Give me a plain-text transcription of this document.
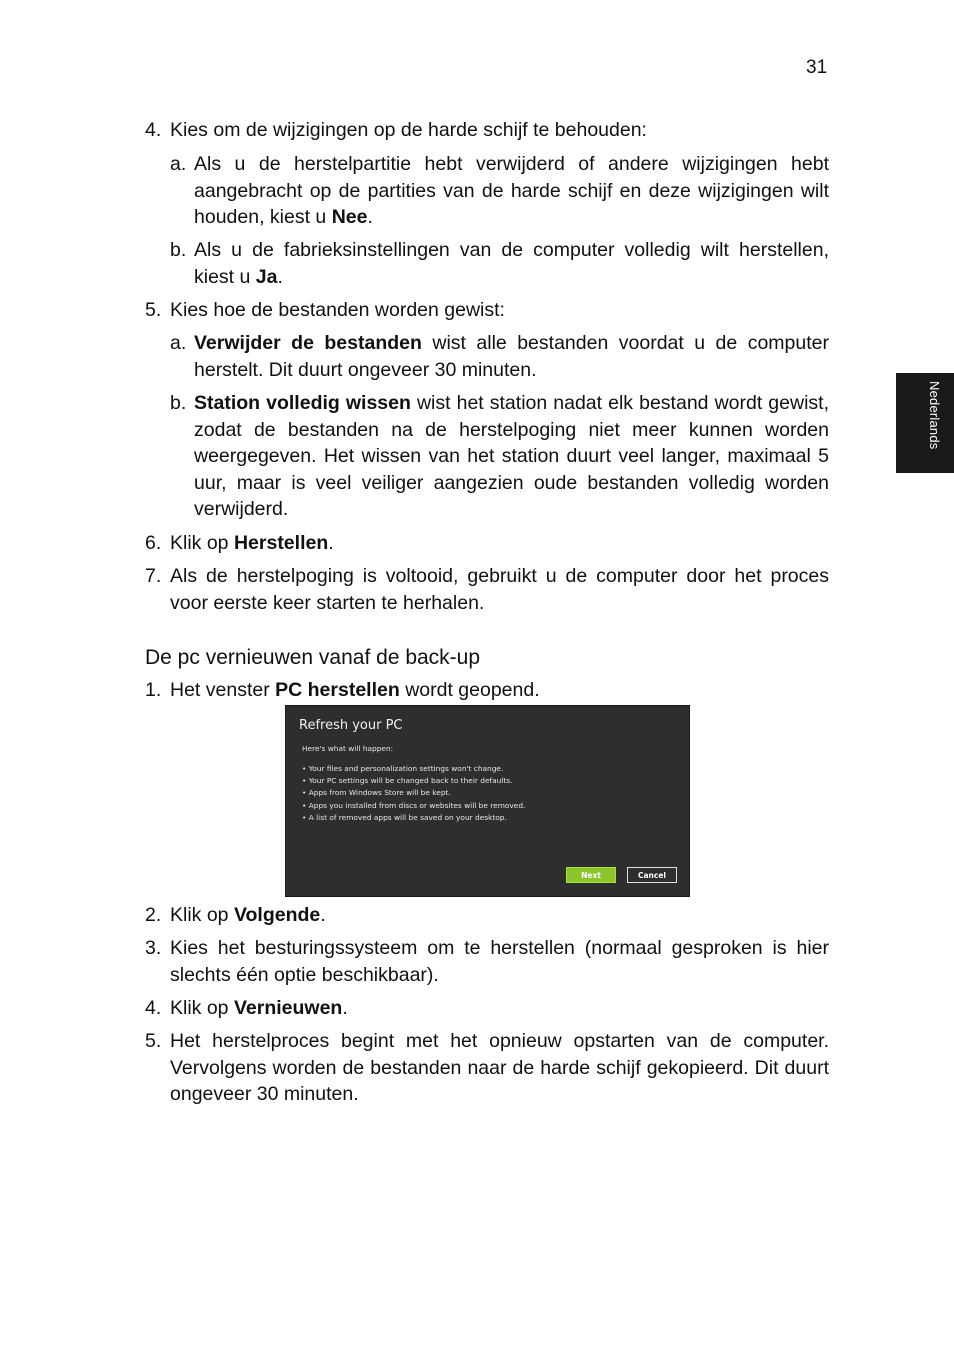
31
Nederlands
4. Kies om de wijzigingen op de harde schijf te behouden:
a. Als u de herstelpartitie hebt verwijderd of andere wijzigingen hebt aangebracht op de partities van de harde schijf en deze wijzigingen wilt houden, kiest u Nee.
b. Als u de fabrieksinstellingen van de computer volledig wilt herstellen, kiest u Ja.
5. Kies hoe de bestanden worden gewist:
a. Verwijder de bestanden wist alle bestanden voordat u de computer herstelt. Dit duurt ongeveer 30 minuten.
b. Station volledig wissen wist het station nadat elk bestand wordt gewist, zodat de bestanden na de herstelpoging niet meer kunnen worden weergegeven. Het wissen van het station duurt veel langer, maximaal 5 uur, maar is veel veiliger aangezien oude bestanden volledig worden verwijderd.
6. Klik op Herstellen.
7. Als de herstelpoging is voltooid, gebruikt u de computer door het proces voor eerste keer starten te herhalen.
De pc vernieuwen vanaf de back-up
1. Het venster PC herstellen wordt geopend.
Refresh your PC
Here's what will happen:
• Your files and personalization settings won't change.
• Your PC settings will be changed back to their defaults.
• Apps from Windows Store will be kept.
• Apps you installed from discs or websites will be removed.
• A list of removed apps will be saved on your desktop.
Next	Cancel
2. Klik op Volgende.
3. Kies het besturingssysteem om te herstellen (normaal gesproken is hier slechts één optie beschikbaar).
4. Klik op Vernieuwen.
5. Het herstelproces begint met het opnieuw opstarten van de computer. Vervolgens worden de bestanden naar de harde schijf gekopieerd. Dit duurt ongeveer 30 minuten.
